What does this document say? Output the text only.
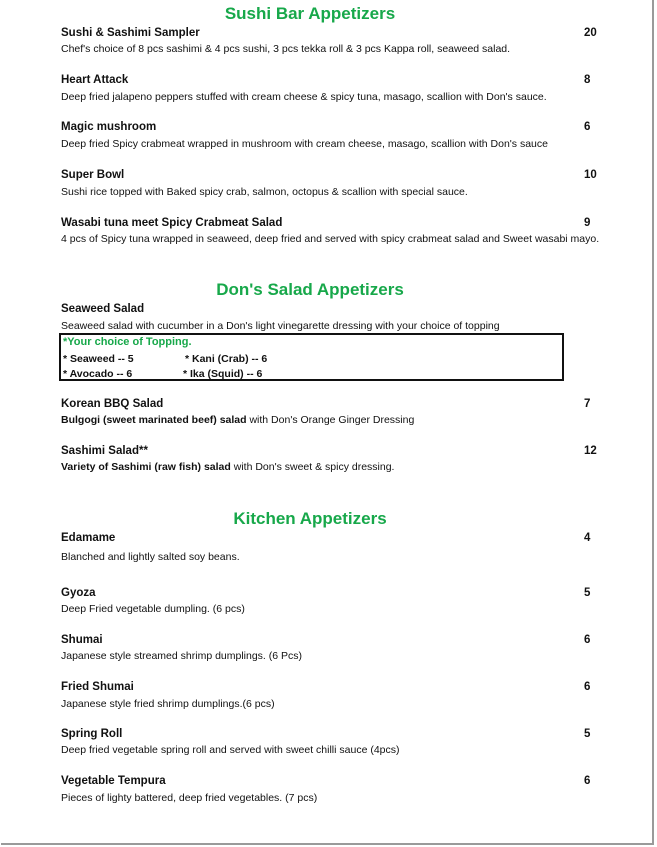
Sushi Bar Appetizers
Sushi & Sashimi Sampler	20
Chef's choice of 8 pcs sashimi & 4 pcs sushi, 3 pcs tekka roll & 3 pcs Kappa roll, seaweed salad.
Heart Attack	8
Deep fried jalapeno peppers stuffed with cream cheese & spicy tuna, masago, scallion with Don's sauce.
Magic mushroom	6
Deep fried Spicy crabmeat wrapped in mushroom with cream cheese, masago, scallion with Don's sauce
Super Bowl	10
Sushi rice topped with Baked spicy crab, salmon, octopus & scallion with special sauce.
Wasabi tuna meet Spicy Crabmeat Salad	9
4 pcs of Spicy tuna wrapped in seaweed, deep fried and served with spicy crabmeat salad and Sweet wasabi mayo.
Don's Salad Appetizers
Seaweed Salad
Seaweed salad with cucumber in a Don's light vinegarette dressing with your choice of topping
*Your choice of Topping.
* Seaweed -- 5	* Kani (Crab) -- 6
* Avocado -- 6	* Ika (Squid) -- 6
Korean BBQ Salad	7
Bulgogi (sweet marinated beef) salad with Don's Orange Ginger Dressing
Sashimi Salad**	12
Variety of Sashimi (raw fish) salad with Don's sweet & spicy dressing.
Kitchen Appetizers
Edamame	4
Blanched and lightly salted soy beans.
Gyoza	5
Deep Fried vegetable dumpling. (6 pcs)
Shumai	6
Japanese style streamed shrimp dumplings. (6 Pcs)
Fried Shumai	6
Japanese style fried shrimp dumplings.(6 pcs)
Spring Roll	5
Deep fried vegetable spring roll and served with sweet chilli sauce (4pcs)
Vegetable Tempura	6
Pieces of lighty battered, deep fried vegetables. (7 pcs)
